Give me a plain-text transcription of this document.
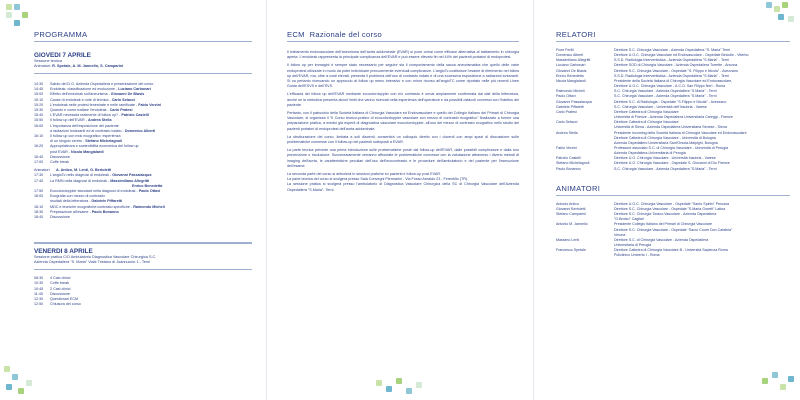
PROGRAMMA
GIOVEDI 7 APRILE
Sessione teorica
Animatori: R. Spetale, A. M. Jannello, S. Camparini
14:30	Saluto del D.G. Azienda Ospedaliera e presentazione del corso
14:45	Endoleak: classificazione ed evoluzione - Luciano Carbonari
15:00	Effetto dell'endoleak sull'aneurisma - Giovanni De Blasis
15:10	Cause di endoleak e note di tecnica - Carlo Setacci
15:20	L'endoleak nelle protesi fenestrate e nelle ramificate - Fabio Verzini
15:30	Quando e come trattare l'endoleak - Carlo Pratesi
15:40	L'EVAR necessita realmente di follow up? - Patrizio Castelli
15:50	Il follow up dell'EVAR - Andrea Stella
16:00	L'importanza dell'esposizione del paziente
a radiazioni ionizzanti ed al contrasto iodato - Domenico Alberti
16:10	Il follow up con mdc ecografico: esperienza
di un singolo centro - Stefano Michelagnoli
16:20	Appropriatezza e sostenibilità economica del follow up
post EVAR - Nicola Mangialardi
16:40	Discussione
17:00	Coffe break
Animatori	A. Antico, M. Lenti, G. Bertoletti
17:30	L'angioTc nello diagnosi di endoleak - Giovanni Passalacqua
17:40	La RMN nella diagnosi di endoleak - Massimiliano Allegritti
Enrico Benedetta
17:50	Ecocolordoppler standard nella diagnosi di endoleak - Paolo Ottavi
18:00	Ecografia con mezzo di contrasto:
risultati della letteratura - Gabriele Piffaretti
18:10	MDC e tecniche ecografiche:contrasto specifiche - Raimondo Micheli
18:30	Preparazione all'esame - Paolo Bonanno
18:40	Discussione
VENERDI 8 APRILE
Sessione pratica C/O Ambulatorio Diagnostica Vascolare Chirurgica S.C.
Azienda Ospedaliera "S. Maria" Viale Tristano di Joannuccio 1 - Terni
08:30	4 Casi clinici
10:30	Coffe break
10:45	2 Casi clinici
11:45	Discussione
12:30	Questionari ECM
12:50	Chiusura del corso
ECM Razionale del corso

Il trattamento endovascolare dell'aneurisma dell'aorta addominale (EVAR) si pone ormai come efficace alternativa al trattamento in chirurgia aperta. L'endoleak rappresenta la principale complicanza dell'EVAR e può essere rilevato fin nel 44% dei pazienti portatori di endoprotesi.

Il follow up per immagini è sempre stato necessario per seguire sia il comportamento della sacca aneurismatica che quello delle varie endoprotesi utilizzate in modo da poter individuare precocemente eventuali complicanze. L'angioTc costituisce l'esame di riferimento nel follow up dell'EVAR, ma, oltre a costi elevati, presenta il problema dell'uso di contrasto iodato e di una eccessiva esposizione a radiazioni ionizzanti. Si va pertanto ricercando un approccio al follow up meno intensivo e con minor ricorso all'angioTC come riportato nelle più recenti Linee Guida dell'ESVS e dell'SVS.

L'efficacia del follow up dell'EVAR mediante ecocolordoppler con e/o contrasto è ormai ampiamente confermata dai dati della letteratura, anche se la metodica presenta alcuni limiti che vanno ricercati nella esperienza dell'operatore e da possibili ostacoli connessi con l'habitus del paziente.

Pertanto, con il patrocinio della Società Italiana di Chirurgia Vascolare ed Endovascolare e quello del Collegio Italiano dei Primari di Chirurgia Vascolare, si organizza il "II Corso teorico-pratico di ecocolordoppler vascolare con mezzo di contrasto ecografico" finalizzato a fornire una preparazione pratica, a medici già esperti di diagnostica vascolare ecocolordoppler, all'uso del mezzo di contrasto ecografico nello studio dei pazienti portatori di endoprotesi dell'aorta addominale.

La strutturazione del corso, limitata a soli discenti, consentirà un colloquio diretto con i docenti con ampi spazi di discussione sulle problematiche connesse con il follow-up dei pazienti sottoposti a EVAR.

La parte teorica prevede una prima introduzione sulle problematiche poste dal follow-up dell'EVAR, dalle possibili complicanze e dalla loro prevenzione e risoluzione. Successivamente verranno affrontate le problematiche connesse con la valutazione attraverso i diversi metodi di imaging dell'aorta, le caratteristiche peculiari dell'uso dell'ecocontrasto e le procedure dell'ambulatorio e del paziente per l'esecuzione dell'esame.

La seconda parte del corso si articolerà in sessioni pratiche su pazienti e follow-up post EVAR.

La parte teorica del corso si svolgerà presso Sala Convegni Piermarini - Via Fosso Arnaldo 23 - Ferentillo (TR).

La sessione pratica si svolgerà presso l'ambulatorio di Diagnostica Vascolare Chirurgica della SC di Chirurgia Vascolare dell'Azienda Ospedaliera "S.Maria"- Terni.

RELATORI
Fiore Ferilli	Direttore S.C. Chirurgia Vascolare - Azienda Ospedaliera "S. Maria" Terni
Domenico Alberti	Direttore U.O.C. Chirurgia Vascolare ed Endovascolare - Ospedale Belcolle - Viterbo
Massimiliano Allegritti	S.S.D. Radiologia Interventistica - Azienda Ospedaliera "S.Maria" - Terni
Luciano Carbonari	Direttore SOD di Chirurgia Vascolare - Azienda Ospedaliera Torrette - Ancona
Giovanni De Blasis	Direttore S.C. Chirurgia Vascolare - Ospedale "S. Filippo e Nicola" - Avezzano
Enrico Benedetta	S.S.D. Radiologia Interventistica - Azienda Ospedaliera "S.Maria" - Terni
Nicola Mangialardi	Presidente della Società Italiana di Chirurgia Vascolare ed Endovascolare,
Direttore U.O.C. Chirurgia Vascolare - A.C.O. San Filippo Neri - Roma
Raimondo Micheli	S.C. Chirurgia Vascolare - Azienda Ospedaliera "S.Maria" - Terni
Paolo Ottavi	S.C. Chirurgia Vascolare - Azienda Ospedaliera "S.Maria" - Terni
Giovanni Passalacqua	Direttore S.C. di Radiologia - Ospedale "S.Filippo e Nicola" - Avezzano
Gabriele Piffaretti	S.C. Chirurgia Vascolare - Università dell'Insubria - Varese
Carlo Pratesi	Direttore Cattedra di Chirurgia Vascolare
Università di Firenze - Azienda Ospedaliera Universitaria Careggi - Firenze
Carlo Setacci	Direttore Cattedra di Chirurgia Vascolare
Università di Siena - Azienda Ospedaliera Universitaria Senese - Siena
Andrea Stella	Presidente incoming della Società Italiana di Chirurgia Vascolare ed Endovascolare
Direttore Cattedra di Chirurgia Vascolare - Università di Bologna
Azienda Ospedaliero Universitaria Sant'Orsola-Malpighi, Bologna
Fabio Verzini	Professore associato S.C. di Chirurgia Vascolare - Università di Perugia
Azienda Ospedaliera-Universitaria di Perugia
Patrizio Castelli	Direttore U.O. Chirurgia Vascolare - Università Insubria - Varese
Stefano Michelagnoli	Direttore U.O. Chirurgia Vascolare - Ospedale S. Giovanni di Dio Firenze
Paolo Bonanno	S.C. Chirurgia Vascolare - Azienda Ospedaliera "S.Maria" - Terni
ANIMATORI
Antonio Antico	Direttore U.O.C. Chirurgia Vascolare - Ospedale "Santo Spirito" Pescara
Giovanni Bertoletti	Direttore S.C. Chirurgia Vascolare - Ospedale "S.Maria Goretti" Latina
Stefano Camparini	Direttore S.C. Chirurgia Toraco-Vascolare - Azienda Ospedaliera
"G.Brotzu" Cagliari
Antonio M. Jannello	Presidente Collegio Italiano dei Primari di Chirurgia Vascolare
Direttore S.C. Chirurgia Vascolare - Ospedale "Sacro Cuore Don Calabria"
Verona
Massimo Lenti	Direttore S.C. di Chirurgia Vascolare - Azienda Ospedaliera
Universitaria di Perugia
Francesco Spetale	Direttore Cattedra di Chirurgia Vascolare B - Università Sapienza Roma
Policlinico Umberto I - Roma
